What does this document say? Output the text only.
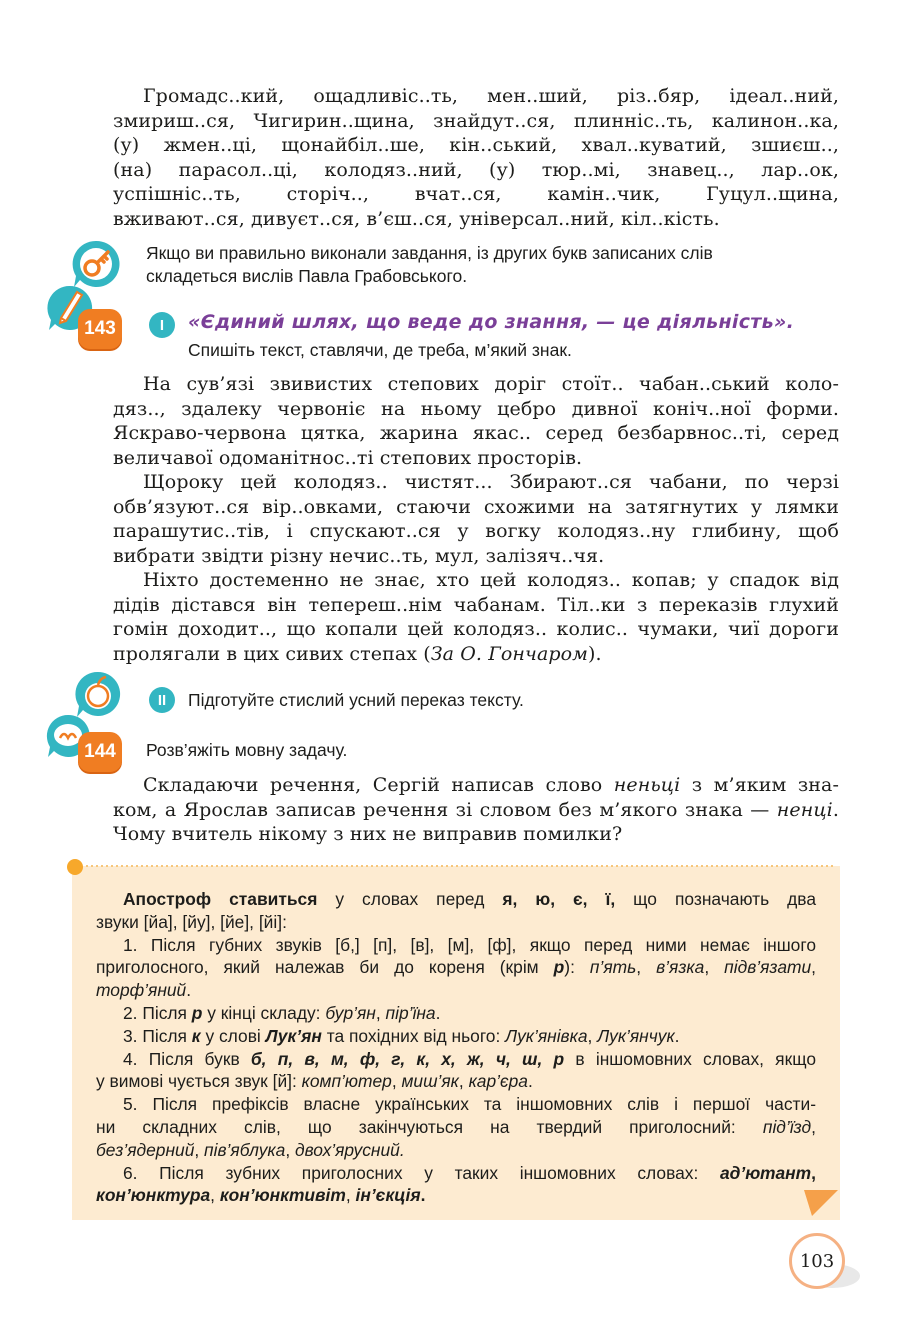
Громадс..кий, ощадливіс..ть, мен..ший, різ..бяр, ідеал..ний,
змириш..ся, Чигирин..щина, знайдут..ся, плинніс..ть, калинон..ка,
(у) жмен..ці, щонайбіл..ше, кін..ський, хвал..куватий, зшиєш..,
(на) парасол..ці, колодяз..ний, (у) тюр..мі, знавец.., лар..ок,
успішніс..ть, сторіч.., вчат..ся, камін..чик, Гуцул..щина,
вживают..ся, дивуєт..ся, в’єш..ся, універсал..ний, кіл..кість.
Якщо ви правильно виконали завдання, із других букв записаних слів
складеться вислів Павла Грабовського.
143	I	«Єдиний шлях, що веде до знання, — це діяльність».
Спишіть текст, ставлячи, де треба, м’який знак.
На сув’язі звивистих степових доріг стоїт.. чабан..ський коло-
дяз.., здалеку червоніє на ньому цебро дивної коніч..ної форми.
Яскраво-червона цятка, жарина якас.. серед безбарвнос..ті, серед
величавої одоманітнос..ті степових просторів.
Щороку цей колодяз.. чистят... Збирают..ся чабани, по черзі
обв’язуют..ся вір..овками, стаючи схожими на затягнутих у лямки
парашутис..тів, і спускают..ся у вогку колодяз..ну глибину, щоб
вибрати звідти різну нечис..ть, мул, залізяч..чя.
Ніхто достеменно не знає, хто цей колодяз.. копав; у спадок від
дідів дістався він тепереш..нім чабанам. Тіл..ки з переказів глухий
гомін доходит.., що копали цей колодяз.. колис.. чумаки, чиї дороги
пролягали в цих сивих степах (За О. Гончаром).
II	Підготуйте стислий усний переказ тексту.
144	Розв’яжіть мовну задачу.
Складаючи речення, Сергій написав слово неньці з м’яким зна-
ком, а Ярослав записав речення зі словом без м’якого знака — ненці.
Чому вчитель нікому з них не виправив помилки?

Апостроф ставиться у словах перед я, ю, є, ї, що позначають два

звуки [йа], [йу], [йе], [йі]:

1. Після губних звуків [б,] [п], [в], [м], [ф], якщо перед ними немає іншого

приголосного, який належав би до кореня (крім р): п’ять, в’язка, підв’язати,

торф’яний.

2. Після р у кінці складу: бур’ян, пір’їна.

3. Після к у слові Лук’ян та похідних від нього: Лук’янівка, Лук’янчук.

4. Після букв б, п, в, м, ф, г, к, х, ж, ч, ш, р в іншомовних словах, якщо

у вимові чується звук [й]: комп’ютер, миш’як, кар’єра.

5. Після префіксів власне українських та іншомовних слів і першої части-

ни складних слів, що закінчуються на твердий приголосний: під’їзд,

без’ядерний, пів’яблука, двох’ярусний.

6. Після зубних приголосних у таких іншомовних словах: ад’ютант,

кон’юнктура, кон’юнктивіт, ін’єкція.

103
